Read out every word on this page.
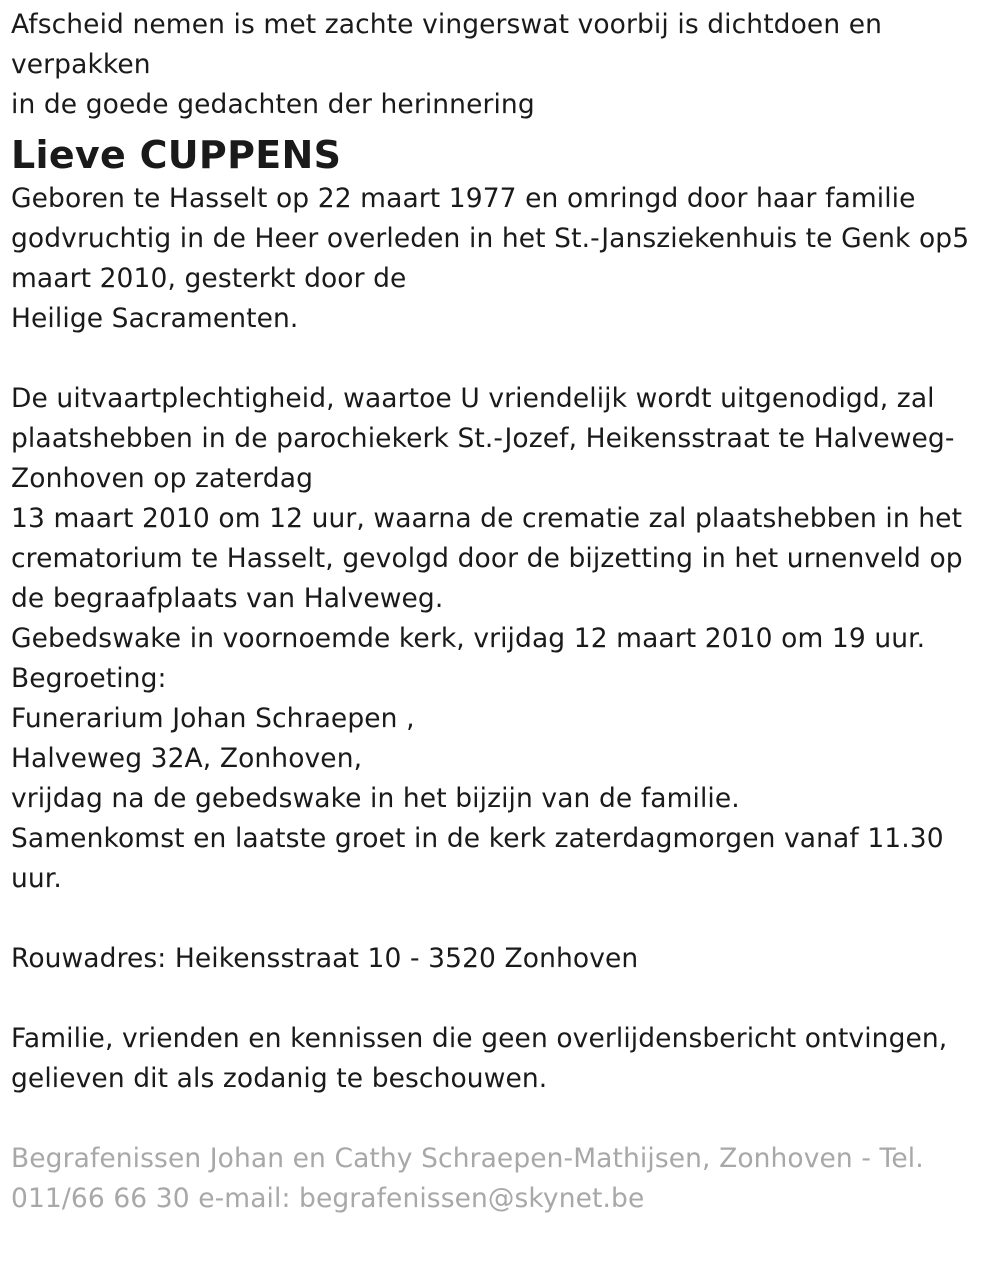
Afscheid nemen is met zachte vingerswat voorbij is dichtdoen en
verpakken
in de goede gedachten der herinnering
Lieve CUPPENS
Geboren te Hasselt op 22 maart 1977 en omringd door haar familie
godvruchtig in de Heer overleden in het St.-Jansziekenhuis te Genk op5
maart 2010, gesterkt door de
Heilige Sacramenten.
De uitvaartplechtigheid, waartoe U vriendelijk wordt uitgenodigd, zal
plaatshebben in de parochiekerk St.-Jozef, Heikensstraat te Halveweg-
Zonhoven op zaterdag
13 maart 2010 om 12 uur, waarna de crematie zal plaatshebben in het
crematorium te Hasselt, gevolgd door de bijzetting in het urnenveld op
de begraafplaats van Halveweg.
Gebedswake in voornoemde kerk, vrijdag 12 maart 2010 om 19 uur.
Begroeting:
Funerarium Johan Schraepen ,
Halveweg 32A, Zonhoven,
vrijdag na de gebedswake in het bijzijn van de familie.
Samenkomst en laatste groet in de kerk zaterdagmorgen vanaf 11.30
uur.
Rouwadres: Heikensstraat 10 - 3520 Zonhoven
Familie, vrienden en kennissen die geen overlijdensbericht ontvingen,
gelieven dit als zodanig te beschouwen.
Begrafenissen Johan en Cathy Schraepen-Mathijsen, Zonhoven - Tel.
011/66 66 30 e-mail: begrafenissen@skynet.be
